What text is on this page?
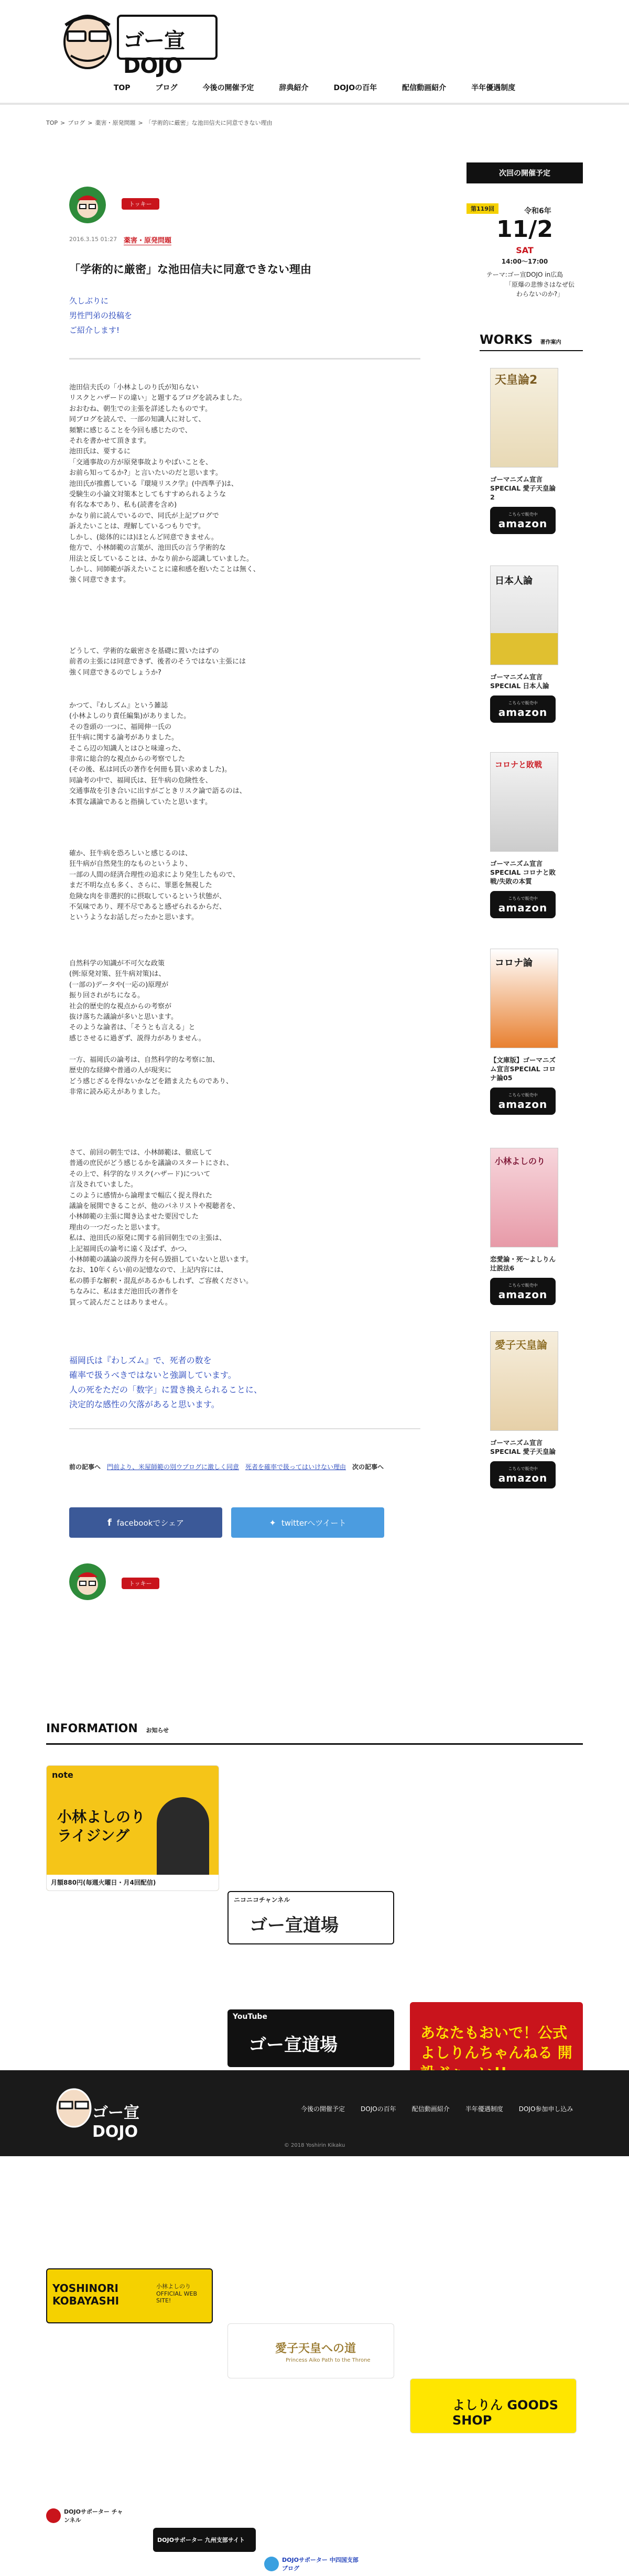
ゴー宣DOJO
TOP	ブログ	今後の開催予定	辞典紹介	DOJOの百年	配信動画紹介	半年優遇制度
TOP > ブログ > 薬害・原発問題 > 「学術的に厳密」な池田信夫に同意できない理由
トッキー
2016.3.15 01:27 薬害・原発問題
「学術的に厳密」な池田信夫に同意できない理由
久しぶりに
男性門弟の投稿を
ご紹介します!
池田信夫氏の「小林よしのり氏が知らない
リスクとハザードの違い」と題するブログを読みました。
おおむね、朝生での主張を詳述したものです。
同ブログを読んで、一部の知識人に対して、
頻繁に感じることを今回も感じたので、
それを書かせて頂きます。
池田氏は、要するに
「交通事故の方が原発事故よりやばいことを、
お前ら知ってるか?」と言いたいのだと思います。
池田氏が推薦している『環境リスク学』(中西準子)は、
受験生の小論文対策本としてもすすめられるような
有名な本であり、私も(読書を含め)
かなり前に読んでいるので、同氏が上記ブログで
訴えたいことは、理解しているつもりです。
しかし、(総体的には)ほとんど同意できません。
他方で、小林師範の言葉が、池田氏の言う学術的な
用法と反していることは、かなり前から認識していました。
しかし、同師範が訴えたいことに違和感を抱いたことは無く、
強く同意できます。
どうして、学術的な厳密さを基礎に置いたはずの
前者の主張には同意できず、後者のそうではない主張には
強く同意できるのでしょうか?
かつて、『わしズム』という雑誌
(小林よしのり責任編集)がありました。
その巻頭の一つに、福岡伸一氏の
狂牛病に関する論考がありました。
そこら辺の知識人とはひと味違った、
非常に総合的な視点からの考察でした
(その後、私は同氏の著作を何冊も買い求めました)。
同論考の中で、福岡氏は、狂牛病の危険性を、
交通事故を引き合いに出すがごときリスク論で語るのは、
本質な議論であると指摘していたと思います。
確か、狂牛病を恐ろしいと感じるのは、
狂牛病が自然発生的なものというより、
一部の人間の経済合理性の追求により発生したもので、
まだ不明な点も多く、さらに、罪悪を無視した
危険な肉を非選択的に摂取しているという状態が、
不気味であり、理不尽であると感ぜられるからだ、
というようなお話しだったかと思います。
自然科学の知識が不可欠な政策
(例:原発対策、狂牛病対策)は、
(一部の)データや(一応の)原理が
振り回されがちになる。
社会的歴史的な視点からの考察が
抜け落ちた議論が多いと思います。
そのような論者は、「そうとも言える」と
感じさせるに過ぎず、説得力がありません。
一方、福岡氏の論考は、自然科学的な考察に加、
歴史的な経緯や普通の人が現実に
どう感じざるを得ないかなどを踏まえたものであり、
非常に読み応えがありました。
さて、前回の朝生では、小林師範は、徹底して
普通の庶民がどう感じるかを議論のスタートにされ、
その上で、科学的なリスク(ハザード)について
言及されていました。
このように感情から論理まで幅広く捉え得れた
議論を展開できることが、他のパネリストや視聴者を、
小林師範の主張に聞き込ませた要因でした
理由の一つだったと思います。
私は、池田氏の原発に関する前回朝生での主張は、
上記福岡氏の論考に遠く及ばず、かつ、
小林師範の議論の説得力を何ら毀損していないと思います。
なお、10年くらい前の記憶なので、上記内容には、
私の勝手な解釈・混乱があるかもしれず、ご容赦ください。
ちなみに、私はまだ池田氏の著作を
買って読んだことはありません。
福岡氏は『わしズム』で、死者の数を
確率で扱うべきではないと強調しています。
人の死をただの「数字」に置き換えられることに、
決定的な感性の欠落があると思います。
前の記事へ 門前より、米屋師範の別ウブログに激しく同意 死者を確率で扱ってはいけない理由 次の記事へ
f facebookでシェア	✦ twitterへツイート
トッキー
次回の開催予定
第119回	令和6年
11/2
SAT
14:00〜17:00
テーマ:ゴー宣DOJO in広島
「原爆の悲惨さはなぜ伝わらないのか?」
WORKS 著作案内
天皇論2
ゴーマニズム宣言SPECIAL 愛子天皇論2
こちらで販売中
amazon
日本人論
ゴーマニズム宣言SPECIAL 日本人論
こちらで販売中
amazon
コロナと敗戦
ゴーマニズム宣言SPECIAL コロナと敗戦/失敗の本質
こちらで販売中
amazon
コロナ論
【文庫版】ゴーマニズム宣言SPECIAL コロナ論05
こちらで販売中
amazon
小林よしのり
恋愛論・死〜よしりん辻説法6
こちらで販売中
amazon
愛子天皇論
ゴーマニズム宣言SPECIAL 愛子天皇論
こちらで販売中
amazon
INFORMATION お知らせ
note
小林よしのりライジング
月額880円(毎週火曜日・月4回配信)
ニコニコチャンネル
ゴー宣道場
YouTube
ゴー宣道場
あなたもおいで！公式 よしりんちゃんねる 開
YOSHINORI KOBAYASHI
小林よしのり OFFICIAL WEB SITE!
愛子天皇への道
Princess Aiko Path to the Throne
よしりん GOODS SHOP
DOJOサポーター チャンネル
DOJOサポーター 九州支部サイト
DOJOサポーター 中四国支部ブログ
ゴー宣DOJO
今後の開催予定	DOJOの百年	配信動画紹介	半年優遇制度	DOJO参加申し込み
© 2018 Yoshirin Kikaku
